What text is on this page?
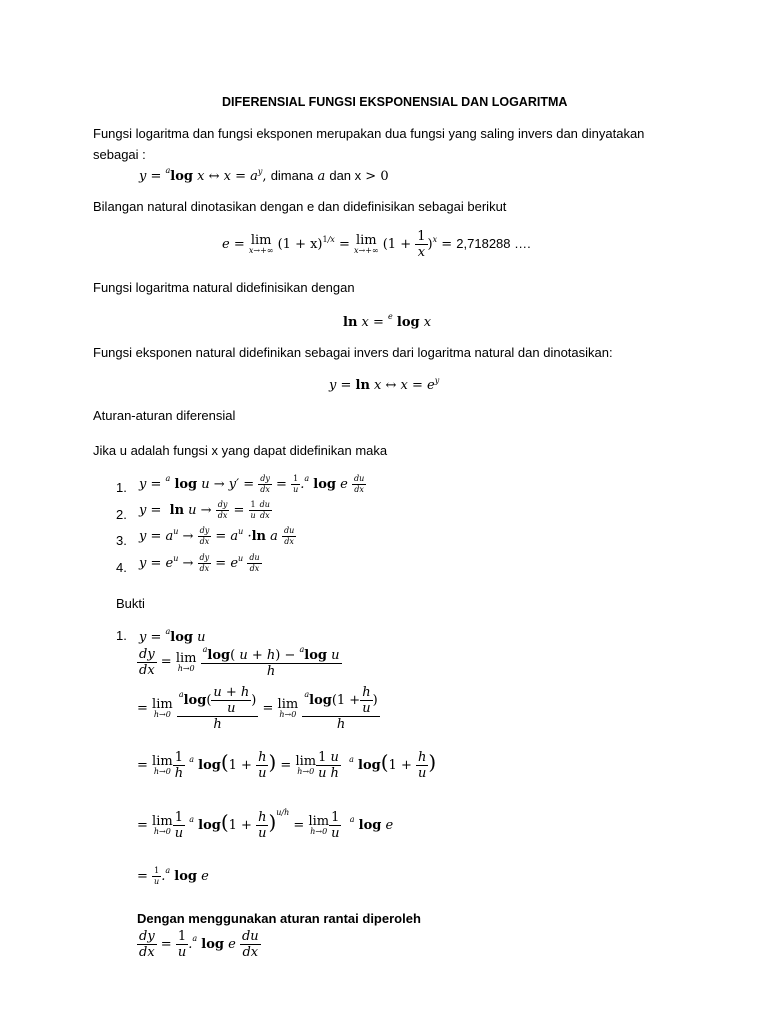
DIFERENSIAL FUNGSI EKSPONENSIAL DAN LOGARITMA
Fungsi logaritma dan fungsi eksponen merupakan dua fungsi yang saling invers dan dinyatakan
sebagai :
y = $^a$log x ↔ $x = a^y$, dimana a dan x > 0
Bilangan natural dinotasikan dengan e dan didefinisikan sebagai berikut
e = lim
x→+∞ $(1 + x)^{1/x} = \lim$
x→+∞ $(1 + \frac{1}{x} )^x = 2,718288$ ….
Fungsi logaritma natural didefinisikan dengan
ln x = $^e$ log x
Fungsi eksponen natural didefinikan sebagai invers dari logaritma natural dan dinotasikan:
y = ln x ↔ $x = e^y$
Aturan-aturan diferensial
Jika u adalah fungsi x yang dapat didefinikan maka
1. y = $^a$ $\log u \to y' = \frac{dy}{dx} = \frac{1}{u} .^a$ log e $\frac{du}{dx}$
2. $y = \ln u \to \frac{dy}{dx} = \frac{1}{u} \frac{du}{dx}$
3. $y = a^u \to \frac{dy}{dx} = a^u \cdot\ln$ a $\frac{du}{dx}$
4. $y = e^u \to \frac{dy}{dx} = e^u \frac{du}{dx}$
Bukti
1. y = $^a$log u
$\frac{dy}{dx} = \lim$
h→0
$\frac{^a\log( u + h) - ^a\log u}{h}$
= lim
h→0
$\frac{^a\log( \frac{u + h}{u} )}{h} = \lim$
h→0
$\frac{^a\log(1 + \frac{h}{u} )}{h}$
= lim
$h\to 0 \frac{1}{h} ^a$ $\log(1 + \frac{h}{u}$ ) = lim
$h\to 0 \frac{1}{u} \frac{u}{h} ^a$ $\log(1 + \frac{h}{u}$ )
= lim
$h\to 0 \frac{1}{u} ^a$ $\log(1 + \frac{h}{u} )^{u/h} = \lim$
$h\to 0 \frac{1}{u} ^a$ log e
= $\frac{1}{u} .^a$ log e
Dengan menggunakan aturan rantai diperoleh
$\frac{dy}{dx} = \frac{1}{u} .^a$ log e $\frac{du}{dx}$
